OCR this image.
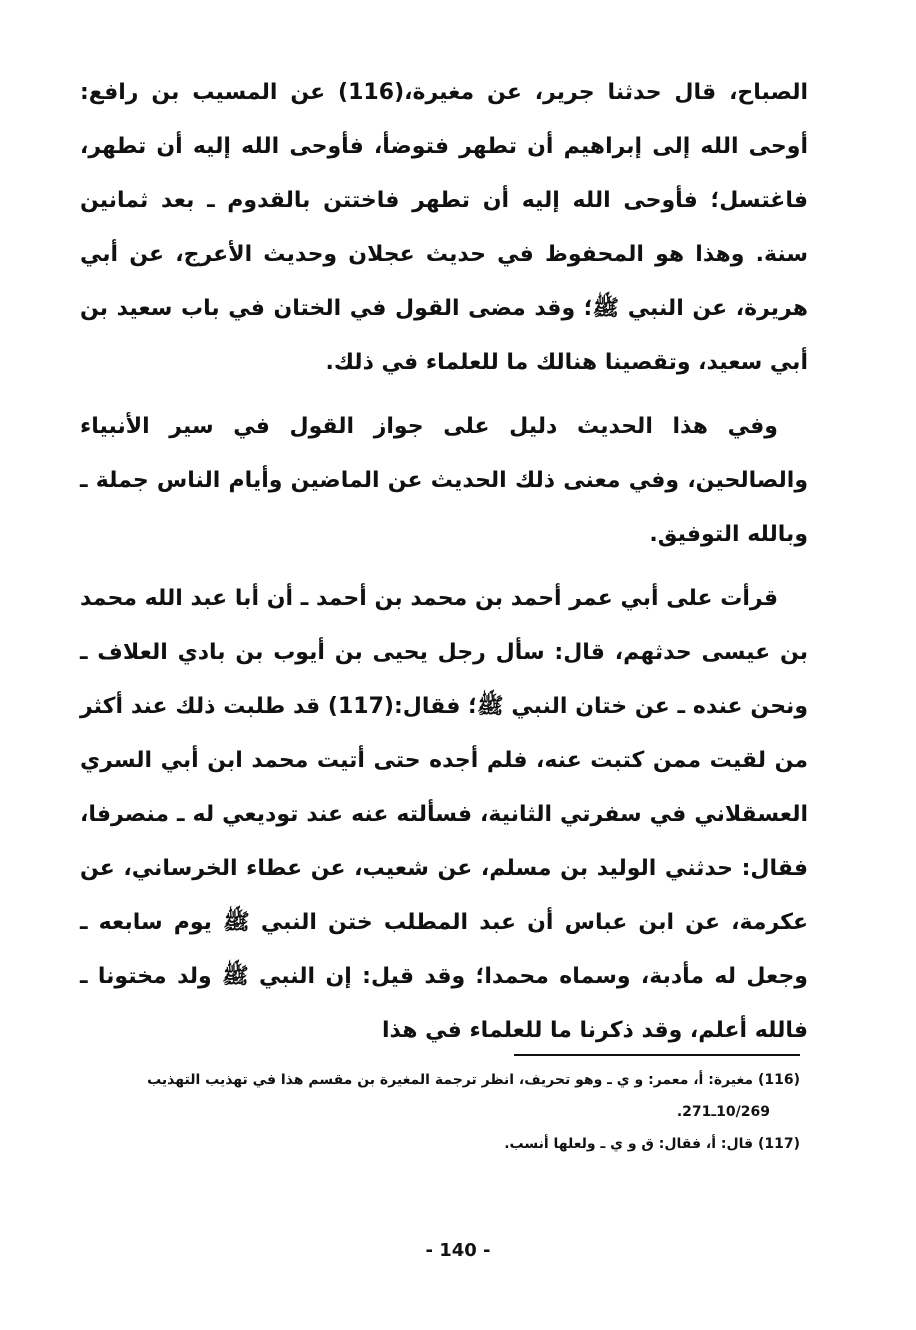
الصباح، قال حدثنا جرير، عن مغيرة،(116) عن المسيب بن رافع: أوحى الله إلى إبراهيم أن تطهر فتوضأ، فأوحى الله إليه أن تطهر، فاغتسل؛ فأوحى الله إليه أن تطهر فاختتن بالقدوم ـ بعد ثمانين سنة. وهذا هو المحفوظ في حديث عجلان وحديث الأعرج، عن أبي هريرة، عن النبي ﷺ؛ وقد مضى القول في الختان في باب سعيد بن أبي سعيد، وتقصينا هنالك ما للعلماء في ذلك.

وفي هذا الحديث دليل على جواز القول في سير الأنبياء والصالحين، وفي معنى ذلك الحديث عن الماضين وأيام الناس جملة ـ وبالله التوفيق.

قرأت على أبي عمر أحمد بن محمد بن أحمد ـ أن أبا عبد الله محمد بن عيسى حدثهم، قال: سأل رجل يحيى بن أيوب بن بادي العلاف ـ ونحن عنده ـ عن ختان النبي ﷺ؛ فقال:(117) قد طلبت ذلك عند أكثر من لقيت ممن كتبت عنه، فلم أجده حتى أتيت محمد ابن أبي السري العسقلاني في سفرتي الثانية، فسألته عنه عند توديعي له ـ منصرفا، فقال: حدثني الوليد بن مسلم، عن شعيب، عن عطاء الخرساني، عن عكرمة، عن ابن عباس أن عبد المطلب ختن النبي ﷺ يوم سابعه ـ وجعل له مأدبة، وسماه محمدا؛ وقد قيل: إن النبي ﷺ ولد مختونا ـ فالله أعلم، وقد ذكرنا ما للعلماء في هذا

(116) مغيرة: أ، معمر: و ي ـ وهو تحريف، انظر ترجمة المغيرة بن مقسم هذا في تهذيب التهذيب
10/269ـ271.

(117) قال: أ، فقال: ق و ي ـ ولعلها أنسب.

- 140 -
